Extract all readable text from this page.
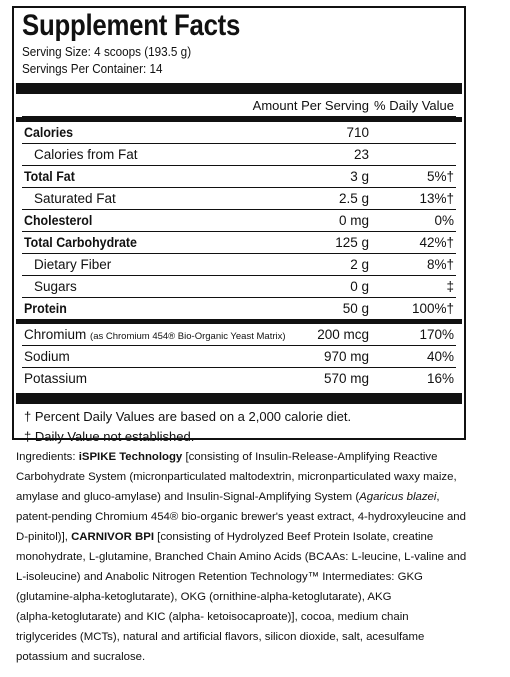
Supplement Facts
Serving Size: 4 scoops (193.5 g)
Servings Per Container: 14
Amount Per Serving % Daily Value
Calories	710
Calories from Fat	23
Total Fat	3 g	5%†
Saturated Fat	2.5 g	13%†
Cholesterol	0 mg	0%
Total Carbohydrate	125 g	42%†
Dietary Fiber	2 g	8%†
Sugars	0 g	‡
Protein	50 g	100%†
Chromium (as Chromium 454® Bio-Organic Yeast Matrix) 200 mcg	170%
Sodium	970 mg	40%
Potassium	570 mg	16%
† Percent Daily Values are based on a 2,000 calorie diet.
‡ Daily Value not established.
Ingredients: iSPIKE Technology [consisting of Insulin-Release-Amplifying Reactive
Carbohydrate System (micronparticulated maltodextrin, micronparticulated waxy maize,
amylase and gluco-amylase) and Insulin-Signal-Amplifying System (Agaricus blazei,
patent-pending Chromium 454® bio-organic brewer's yeast extract, 4-hydroxyleucine and
D-pinitol)], CARNIVOR BPI [consisting of Hydrolyzed Beef Protein Isolate, creatine
monohydrate, L-glutamine, Branched Chain Amino Acids (BCAAs: L-leucine, L-valine and
L-isoleucine) and Anabolic Nitrogen Retention Technology™ Intermediates: GKG
(glutamine-alpha-ketoglutarate), OKG (ornithine-alpha-ketoglutarate), AKG
(alpha-ketoglutarate) and KIC (alpha- ketoisocaproate)], cocoa, medium chain
triglycerides (MCTs), natural and artificial flavors, silicon dioxide, salt, acesulfame
potassium and sucralose.
